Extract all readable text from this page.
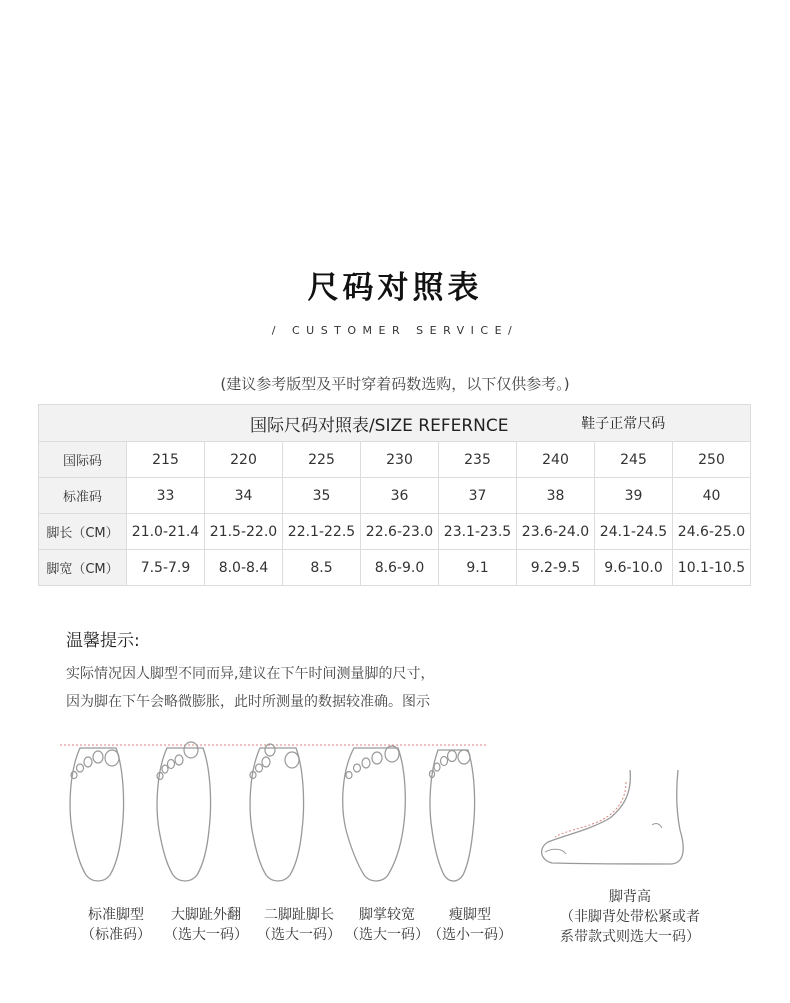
尺码对照表
/ CUSTOMER SERVICE/
(建议参考版型及平时穿着码数选购，以下仅供参考。)
国际尺码对照表/SIZE REFERNCE						鞋子正常尺码		
国际码	215	220	225	230	235	240	245	250
标准码	33	34	35	36	37	38	39	40
脚长（CM）	21.0-21.4	21.5-22.0	22.1-22.5	22.6-23.0	23.1-23.5	23.6-24.0	24.1-24.5	24.6-25.0
脚宽（CM）	7.5-7.9	8.0-8.4	8.5	8.6-9.0	9.1	9.2-9.5	9.6-10.0	10.1-10.5
温馨提示:
实际情况因人脚型不同而异,建议在下午时间测量脚的尺寸，
因为脚在下午会略微膨胀，此时所测量的数据较准确。图示
标准脚型
（标准码）
大脚趾外翻
（选大一码）
二脚趾脚长
（选大一码）
脚掌较宽
（选大一码）
瘦脚型
（选小一码）
脚背高
（非脚背处带松紧或者
系带款式则选大一码）
